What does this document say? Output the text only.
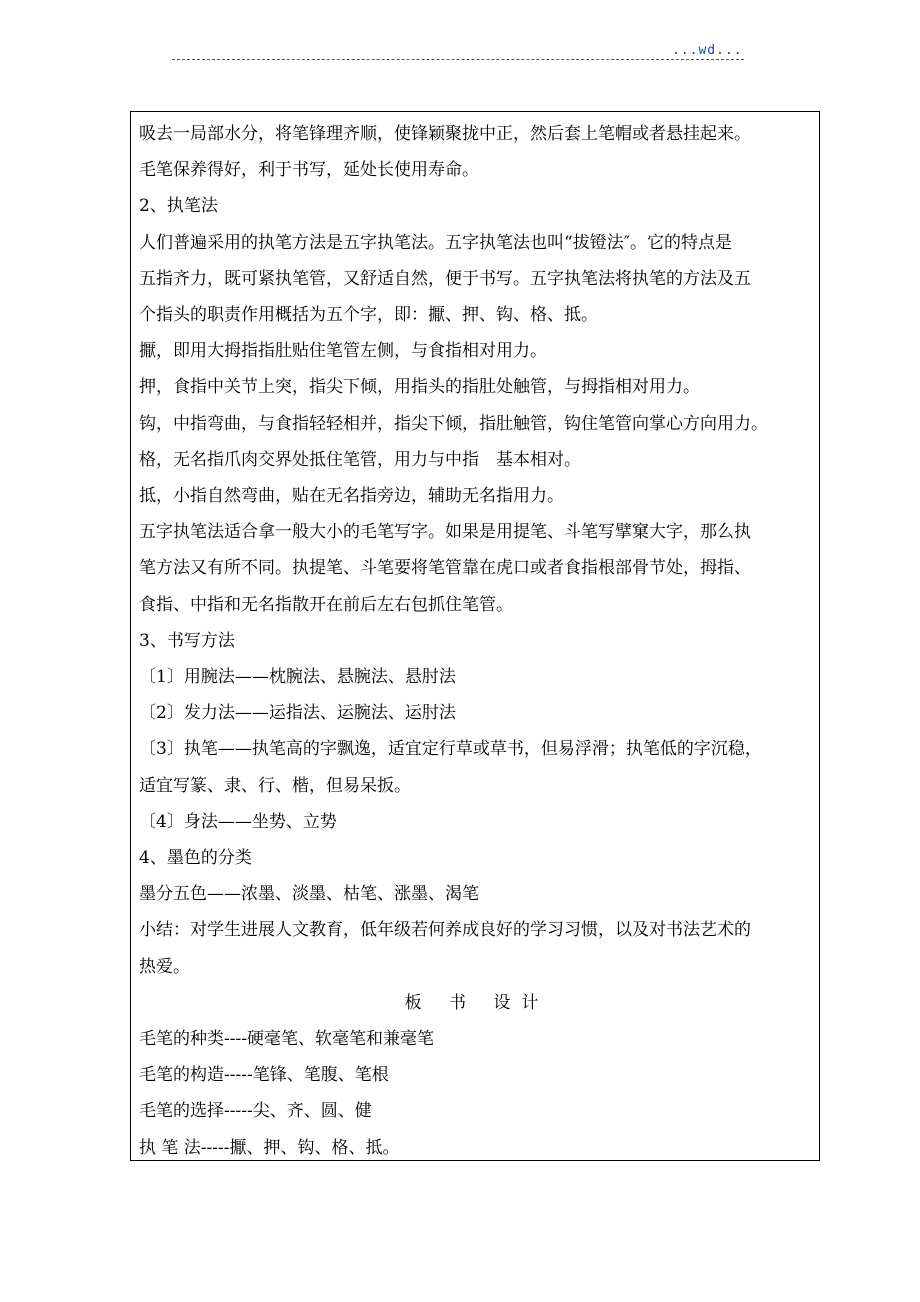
...wd...

吸去一局部水分，将笔锋理齐顺，使锋颖聚拢中正，然后套上笔帽或者悬挂起来。

毛笔保养得好，利于书写，延处长使用寿命。

2、执笔法

人们普遍采用的执笔方法是五字执笔法。五字执笔法也叫“拔镫法″。它的特点是

五指齐力，既可紧执笔管，又舒适自然，便于书写。五字执笔法将执笔的方法及五

个指头的职责作用概括为五个字，即：擫、押、钩、格、抵。

擫，即用大拇指指肚贴住笔管左侧，与食指相对用力。

押，食指中关节上突，指尖下倾，用指头的指肚处触管，与拇指相对用力。

钩，中指弯曲，与食指轻轻相并，指尖下倾，指肚触管，钩住笔管向掌心方向用力。

格，无名指爪肉交界处抵住笔管，用力与中指　基本相对。

抵，小指自然弯曲，贴在无名指旁边，辅助无名指用力。

五字执笔法适合拿一般大小的毛笔写字。如果是用提笔、斗笔写擘窠大字，那么执

笔方法又有所不同。执提笔、斗笔要将笔管靠在虎口或者食指根部骨节处，拇指、

食指、中指和无名指散开在前后左右包抓住笔管。

3、书写方法

〔1〕用腕法——枕腕法、悬腕法、悬肘法

〔2〕发力法——运指法、运腕法、运肘法

〔3〕执笔——执笔高的字飘逸，适宜定行草或草书，但易浮滑；执笔低的字沉稳，

适宜写篆、隶、行、楷，但易呆扳。

〔4〕身法——坐势、立势

4、墨色的分类

墨分五色——浓墨、淡墨、枯笔、涨墨、渴笔

小结：对学生进展人文教育，低年级若何养成良好的学习习惯，以及对书法艺术的

热爱。

板 书 设计

毛笔的种类----硬毫笔、软毫笔和兼毫笔

毛笔的构造-----笔锋、笔腹、笔根

毛笔的选择-----尖、齐、圆、健

执 笔 法-----擫、押、钩、格、抵。
